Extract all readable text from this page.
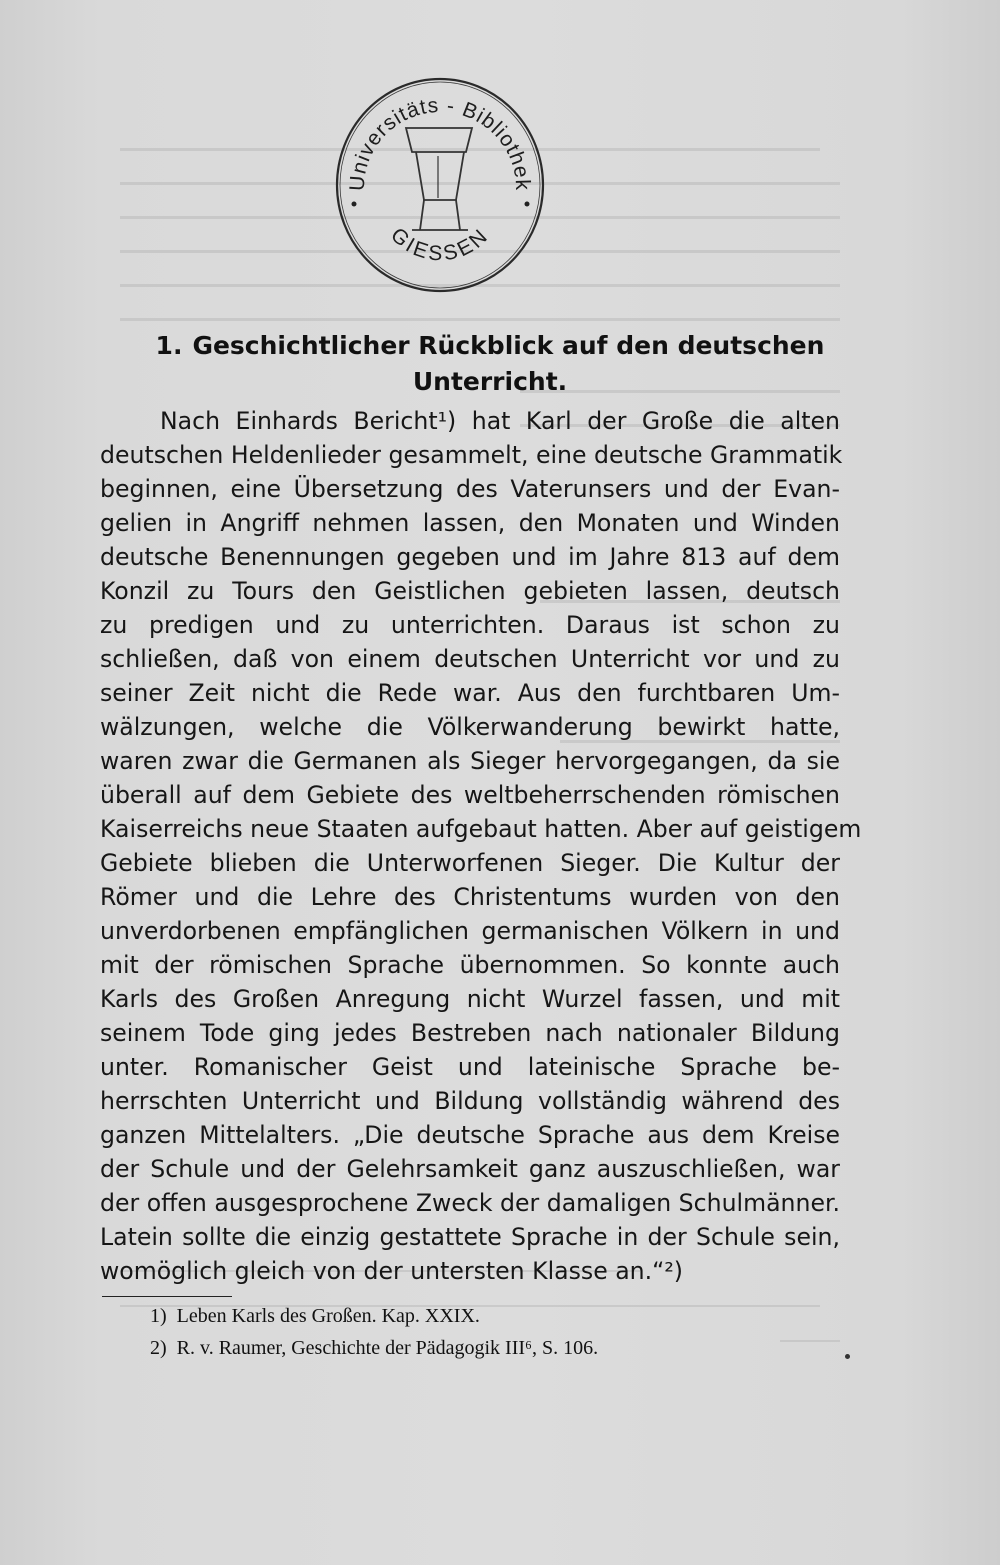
Universitäts - Bibliothek
GIESSEN
1. Geschichtlicher Rückblick auf den deutschen
Unterricht.
Nach Einhards Bericht¹) hat Karl der Große die alten
deutschen Heldenlieder gesammelt, eine deutsche Grammatik
beginnen, eine Übersetzung des Vaterunsers und der Evan-
gelien in Angriff nehmen lassen, den Monaten und Winden
deutsche Benennungen gegeben und im Jahre 813 auf dem
Konzil zu Tours den Geistlichen gebieten lassen, deutsch
zu predigen und zu unterrichten. Daraus ist schon zu
schließen, daß von einem deutschen Unterricht vor und zu
seiner Zeit nicht die Rede war. Aus den furchtbaren Um-
wälzungen, welche die Völkerwanderung bewirkt hatte,
waren zwar die Germanen als Sieger hervorgegangen, da sie
überall auf dem Gebiete des weltbeherrschenden römischen
Kaiserreichs neue Staaten aufgebaut hatten. Aber auf geistigem
Gebiete blieben die Unterworfenen Sieger. Die Kultur der
Römer und die Lehre des Christentums wurden von den
unverdorbenen empfänglichen germanischen Völkern in und
mit der römischen Sprache übernommen. So konnte auch
Karls des Großen Anregung nicht Wurzel fassen, und mit
seinem Tode ging jedes Bestreben nach nationaler Bildung
unter. Romanischer Geist und lateinische Sprache be-
herrschten Unterricht und Bildung vollständig während des
ganzen Mittelalters. „Die deutsche Sprache aus dem Kreise
der Schule und der Gelehrsamkeit ganz auszuschließen, war
der offen ausgesprochene Zweck der damaligen Schulmänner.
Latein sollte die einzig gestattete Sprache in der Schule sein,
womöglich gleich von der untersten Klasse an.“²)
1) Leben Karls des Großen. Kap. XXIX.
2) R. v. Raumer, Geschichte der Pädagogik III⁶, S. 106.
